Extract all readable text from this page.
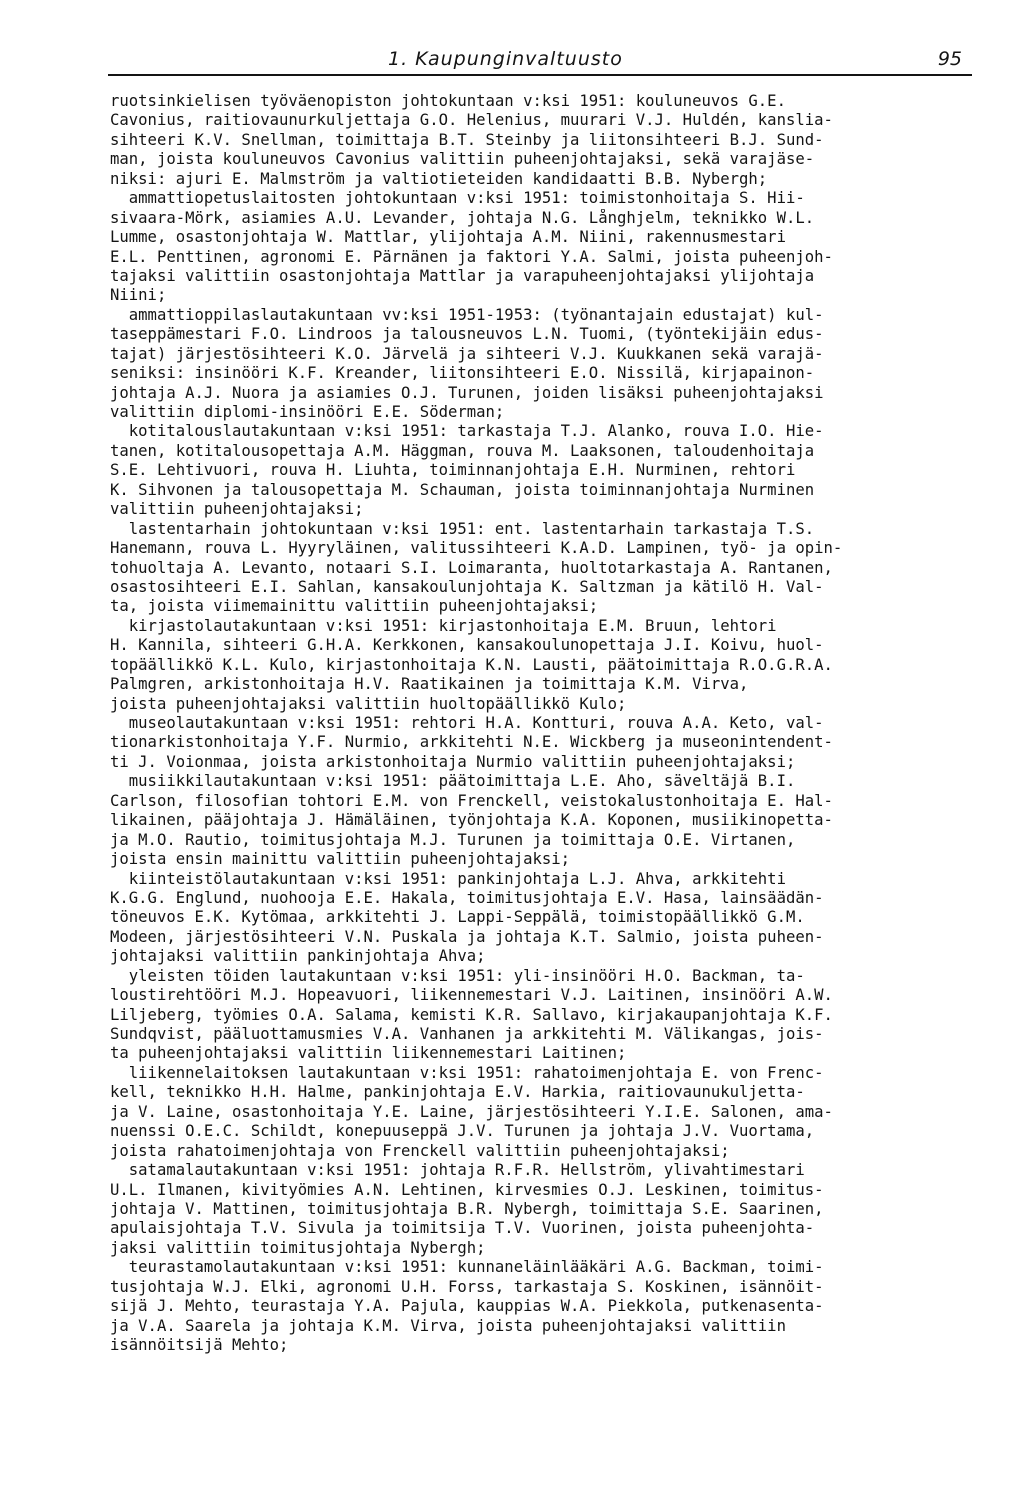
1. Kaupunginvaltuusto	95
ruotsinkielisen työväenopiston johtokuntaan v:ksi 1951: kouluneuvos G.E.
Cavonius, raitiovaunurkuljettaja G.O. Helenius, muurari V.J. Huldén, kanslia-
sihteeri K.V. Snellman, toimittaja B.T. Steinby ja liitonsihteeri B.J. Sund-
man, joista kouluneuvos Cavonius valittiin puheenjohtajaksi, sekä varajäse-
niksi: ajuri E. Malmström ja valtiotieteiden kandidaatti B.B. Nybergh;
ammattiopetuslaitosten johtokuntaan v:ksi 1951: toimistonhoitaja S. Hii-
sivaara-Mörk, asiamies A.U. Levander, johtaja N.G. Långhjelm, teknikko W.L.
Lumme, osastonjohtaja W. Mattlar, ylijohtaja A.M. Niini, rakennusmestari
E.L. Penttinen, agronomi E. Pärnänen ja faktori Y.A. Salmi, joista puheenjoh-
tajaksi valittiin osastonjohtaja Mattlar ja varapuheenjohtajaksi ylijohtaja
Niini;
ammattioppilaslautakuntaan vv:ksi 1951-1953: (työnantajain edustajat) kul-
taseppämestari F.O. Lindroos ja talousneuvos L.N. Tuomi, (työntekijäin edus-
tajat) järjestösihteeri K.O. Järvelä ja sihteeri V.J. Kuukkanen sekä varajä-
seniksi: insinööri K.F. Kreander, liitonsihteeri E.O. Nissilä, kirjapainon-
johtaja A.J. Nuora ja asiamies O.J. Turunen, joiden lisäksi puheenjohtajaksi
valittiin diplomi-insinööri E.E. Söderman;
kotitalouslautakuntaan v:ksi 1951: tarkastaja T.J. Alanko, rouva I.O. Hie-
tanen, kotitalousopettaja A.M. Häggman, rouva M. Laaksonen, taloudenhoitaja
S.E. Lehtivuori, rouva H. Liuhta, toiminnanjohtaja E.H. Nurminen, rehtori
K. Sihvonen ja talousopettaja M. Schauman, joista toiminnanjohtaja Nurminen
valittiin puheenjohtajaksi;
lastentarhain johtokuntaan v:ksi 1951: ent. lastentarhain tarkastaja T.S.
Hanemann, rouva L. Hyyryläinen, valitussihteeri K.A.D. Lampinen, työ- ja opin-
tohuoltaja A. Levanto, notaari S.I. Loimaranta, huoltotarkastaja A. Rantanen,
osastosihteeri E.I. Sahlan, kansakoulunjohtaja K. Saltzman ja kätilö H. Val-
ta, joista viimemainittu valittiin puheenjohtajaksi;
kirjastolautakuntaan v:ksi 1951: kirjastonhoitaja E.M. Bruun, lehtori
H. Kannila, sihteeri G.H.A. Kerkkonen, kansakoulunopettaja J.I. Koivu, huol-
topäällikkö K.L. Kulo, kirjastonhoitaja K.N. Lausti, päätoimittaja R.O.G.R.A.
Palmgren, arkistonhoitaja H.V. Raatikainen ja toimittaja K.M. Virva,
joista puheenjohtajaksi valittiin huoltopäällikkö Kulo;
museolautakuntaan v:ksi 1951: rehtori H.A. Kontturi, rouva A.A. Keto, val-
tionarkistonhoitaja Y.F. Nurmio, arkkitehti N.E. Wickberg ja museonintendent-
ti J. Voionmaa, joista arkistonhoitaja Nurmio valittiin puheenjohtajaksi;
musiikkilautakuntaan v:ksi 1951: päätoimittaja L.E. Aho, säveltäjä B.I.
Carlson, filosofian tohtori E.M. von Frenckell, veistokalustonhoitaja E. Hal-
likainen, pääjohtaja J. Hämäläinen, työnjohtaja K.A. Koponen, musiikinopetta-
ja M.O. Rautio, toimitusjohtaja M.J. Turunen ja toimittaja O.E. Virtanen,
joista ensin mainittu valittiin puheenjohtajaksi;
kiinteistölautakuntaan v:ksi 1951: pankinjohtaja L.J. Ahva, arkkitehti
K.G.G. Englund, nuohooja E.E. Hakala, toimitusjohtaja E.V. Hasa, lainsäädän-
töneuvos E.K. Kytömaa, arkkitehti J. Lappi-Seppälä, toimistopäällikkö G.M.
Modeen, järjestösihteeri V.N. Puskala ja johtaja K.T. Salmio, joista puheen-
johtajaksi valittiin pankinjohtaja Ahva;
yleisten töiden lautakuntaan v:ksi 1951: yli-insinööri H.O. Backman, ta-
loustirehtööri M.J. Hopeavuori, liikennemestari V.J. Laitinen, insinööri A.W.
Liljeberg, työmies O.A. Salama, kemisti K.R. Sallavo, kirjakaupanjohtaja K.F.
Sundqvist, pääluottamusmies V.A. Vanhanen ja arkkitehti M. Välikangas, jois-
ta puheenjohtajaksi valittiin liikennemestari Laitinen;
liikennelaitoksen lautakuntaan v:ksi 1951: rahatoimenjohtaja E. von Frenc-
kell, teknikko H.H. Halme, pankinjohtaja E.V. Harkia, raitiovaunukuljetta-
ja V. Laine, osastonhoitaja Y.E. Laine, järjestösihteeri Y.I.E. Salonen, ama-
nuenssi O.E.C. Schildt, konepuuseppä J.V. Turunen ja johtaja J.V. Vuortama,
joista rahatoimenjohtaja von Frenckell valittiin puheenjohtajaksi;
satamalautakuntaan v:ksi 1951: johtaja R.F.R. Hellström, ylivahtimestari
U.L. Ilmanen, kivityömies A.N. Lehtinen, kirvesmies O.J. Leskinen, toimitus-
johtaja V. Mattinen, toimitusjohtaja B.R. Nybergh, toimittaja S.E. Saarinen,
apulaisjohtaja T.V. Sivula ja toimitsija T.V. Vuorinen, joista puheenjohta-
jaksi valittiin toimitusjohtaja Nybergh;
teurastamolautakuntaan v:ksi 1951: kunnaneläinlääkäri A.G. Backman, toimi-
tusjohtaja W.J. Elki, agronomi U.H. Forss, tarkastaja S. Koskinen, isännöit-
sijä J. Mehto, teurastaja Y.A. Pajula, kauppias W.A. Piekkola, putkenasenta-
ja V.A. Saarela ja johtaja K.M. Virva, joista puheenjohtajaksi valittiin
isännöitsijä Mehto;
